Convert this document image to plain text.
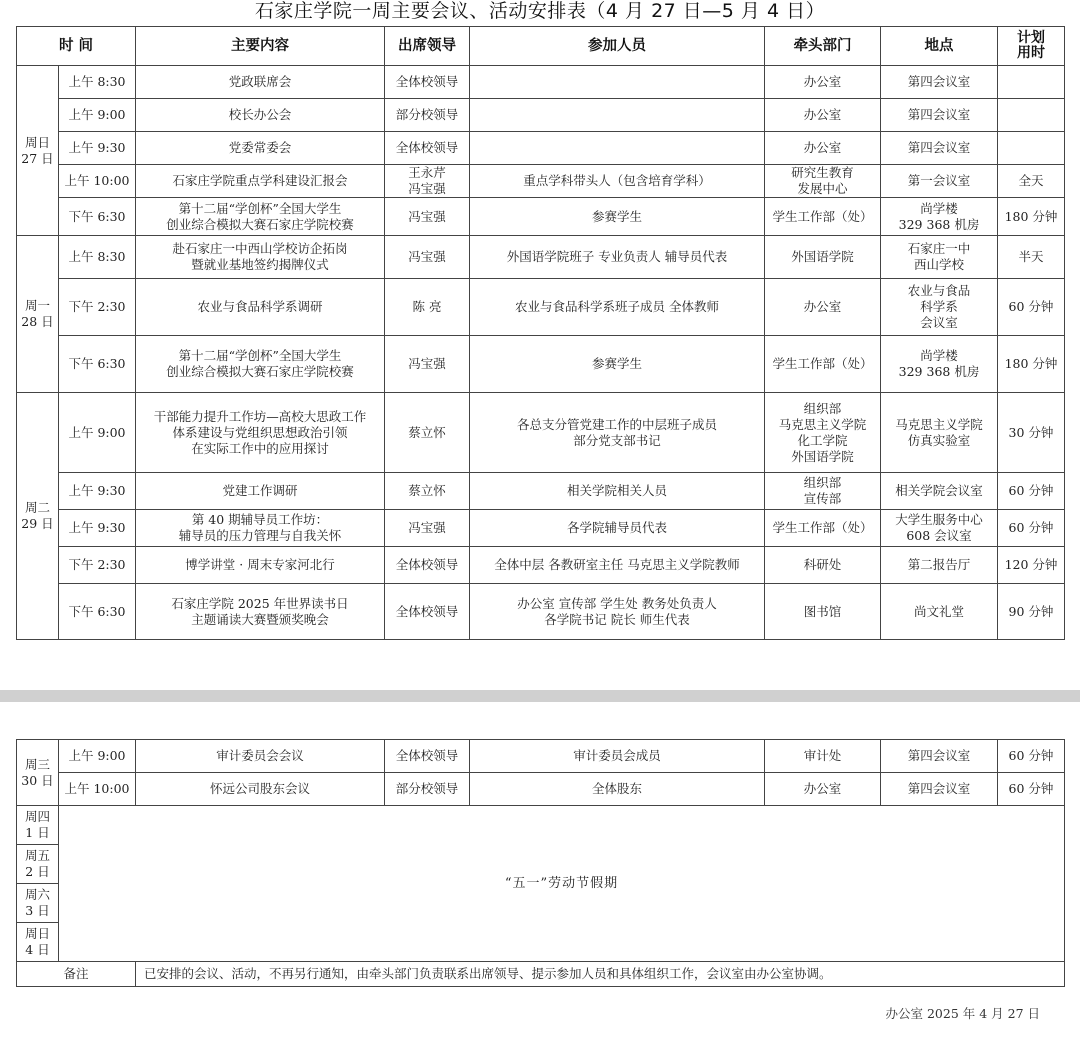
石家庄学院一周主要会议、活动安排表（4 月 27 日—5 月 4 日）
时 间		主要内容	出席领导	参加人员	牵头部门	地点	计划
用时
周日
27 日	上午 8:30	党政联席会	全体校领导		办公室	第四会议室	
	上午 9:00	校长办公会	部分校领导		办公室	第四会议室	
	上午 9:30	党委常委会	全体校领导		办公室	第四会议室	
	上午 10:00	石家庄学院重点学科建设汇报会	王永芹
冯宝强	重点学科带头人（包含培育学科）	研究生教育
发展中心	第一会议室	全天
	下午 6:30	第十二届“学创杯”全国大学生
创业综合模拟大赛石家庄学院校赛	冯宝强	参赛学生	学生工作部（处）	尚学楼
329 368 机房	180 分钟
周一
28 日	上午 8:30	赴石家庄一中西山学校访企拓岗
暨就业基地签约揭牌仪式	冯宝强	外国语学院班子 专业负责人 辅导员代表	外国语学院	石家庄一中
西山学校	半天
	下午 2:30	农业与食品科学系调研	陈 亮	农业与食品科学系班子成员 全体教师	办公室	农业与食品
科学系
会议室	60 分钟
	下午 6:30	第十二届“学创杯”全国大学生
创业综合模拟大赛石家庄学院校赛	冯宝强	参赛学生	学生工作部（处）	尚学楼
329 368 机房	180 分钟
周二
29 日	上午 9:00	干部能力提升工作坊—高校大思政工作
体系建设与党组织思想政治引领
在实际工作中的应用探讨	蔡立怀	各总支分管党建工作的中层班子成员
部分党支部书记	组织部
马克思主义学院
化工学院
外国语学院	马克思主义学院
仿真实验室	30 分钟
	上午 9:30	党建工作调研	蔡立怀	相关学院相关人员	组织部
宣传部	相关学院会议室	60 分钟
	上午 9:30	第 40 期辅导员工作坊：
辅导员的压力管理与自我关怀	冯宝强	各学院辅导员代表	学生工作部（处）	大学生服务中心
608 会议室	60 分钟
	下午 2:30	博学讲堂 · 周末专家河北行	全体校领导	全体中层 各教研室主任 马克思主义学院教师	科研处	第二报告厅	120 分钟
	下午 6:30	石家庄学院 2025 年世界读书日
主题诵读大赛暨颁奖晚会	全体校领导	办公室 宣传部 学生处 教务处负责人
各学院书记 院长 师生代表	图书馆	尚文礼堂	90 分钟
周三
30 日	上午 9:00	审计委员会会议	全体校领导	审计委员会成员	审计处	第四会议室	60 分钟
	上午 10:00	怀远公司股东会议	部分校领导	全体股东	办公室	第四会议室	60 分钟
周四
1 日	“五一”劳动节假期						
周五
2 日							
周六
3 日							
周日
4 日							
备注		已安排的会议、活动，不再另行通知，由牵头部门负责联系出席领导、提示参加人员和具体组织工作，会议室由办公室协调。					
办公室 2025 年 4 月 27 日
